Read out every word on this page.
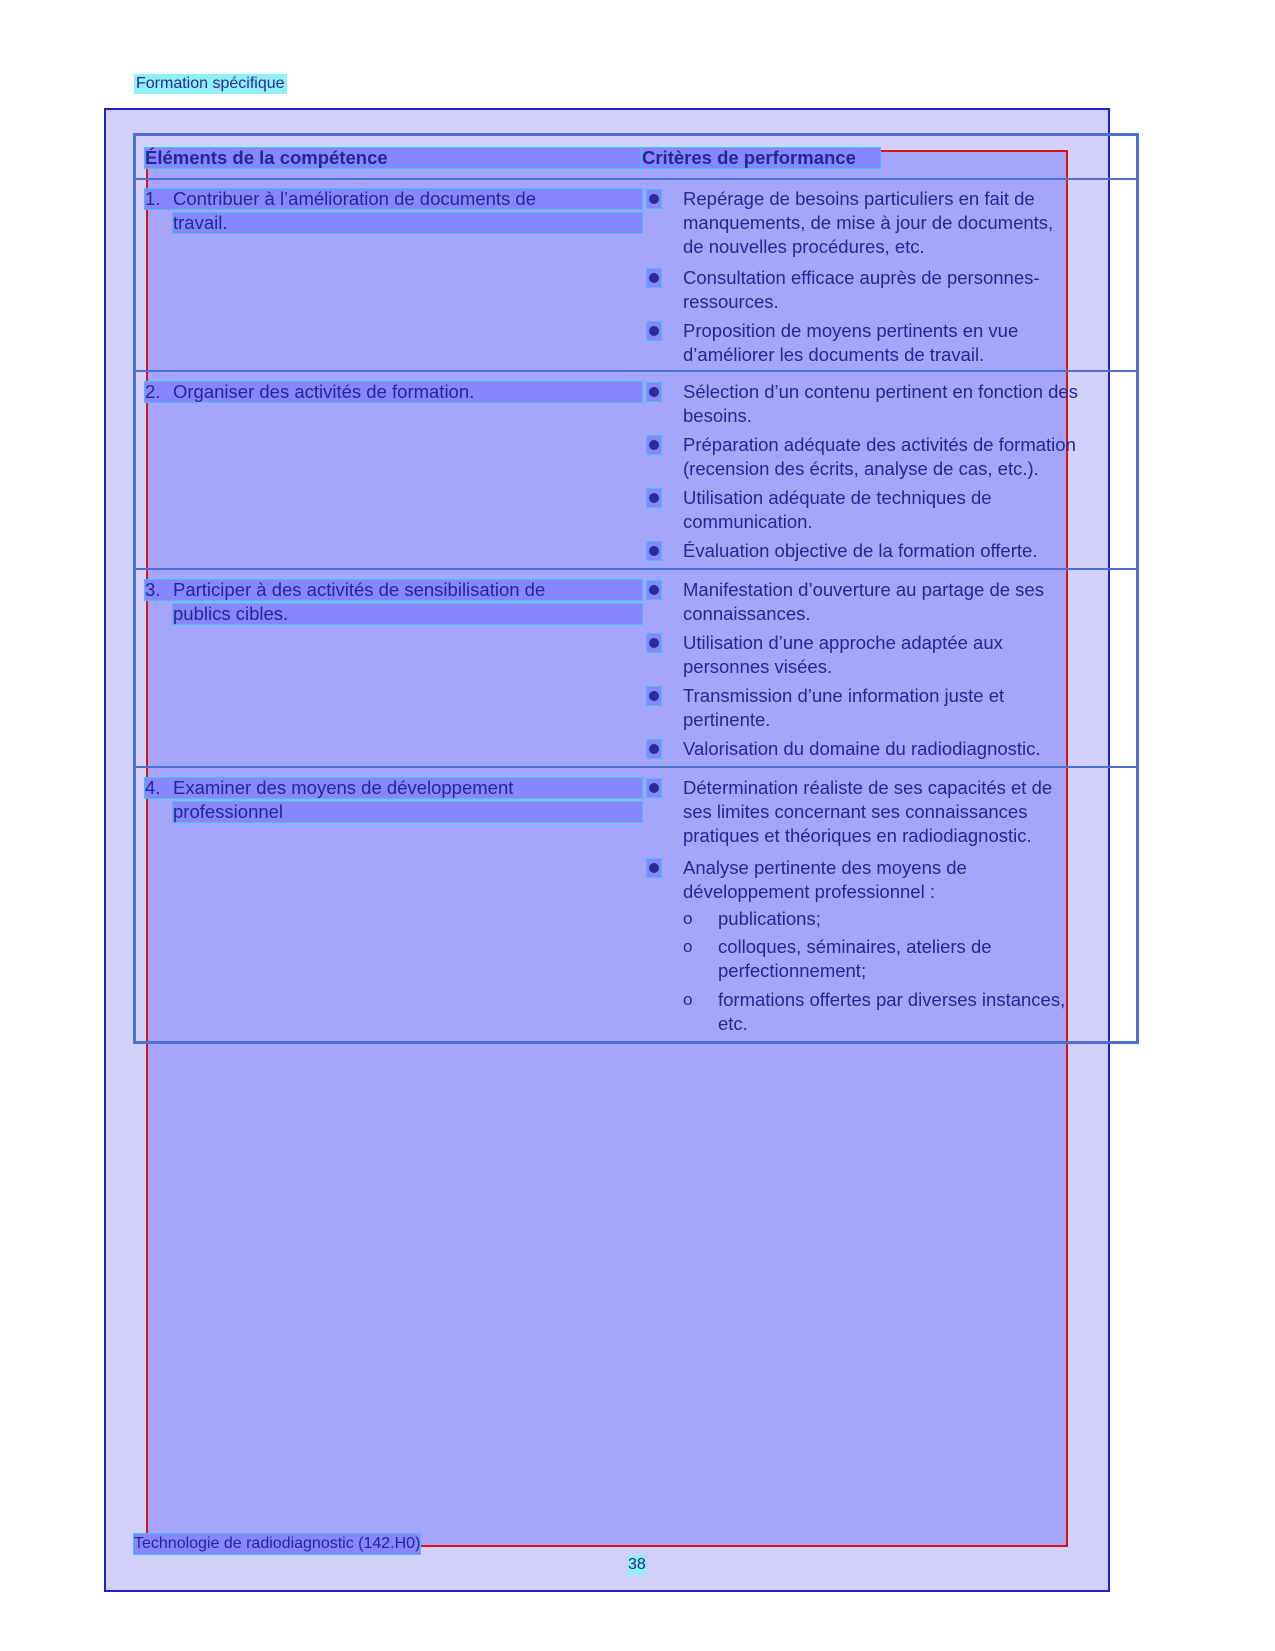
Formation spécifique
Éléments de la compétence	Critères de performance
1. Contribuer à l’amélioration de documents de
travail.
Repérage de besoins particuliers en fait de
manquements, de mise à jour de documents,
de nouvelles procédures, etc.
Consultation efficace auprès de personnes-
ressources.
Proposition de moyens pertinents en vue
d’améliorer les documents de travail.
2. Organiser des activités de formation.	Sélection d’un contenu pertinent en fonction des
besoins.
Préparation adéquate des activités de formation
(recension des écrits, analyse de cas, etc.).
Utilisation adéquate de techniques de
communication.
Évaluation objective de la formation offerte.
3. Participer à des activités de sensibilisation de
publics cibles.
Manifestation d’ouverture au partage de ses
connaissances.
Utilisation d’une approche adaptée aux
personnes visées.
Transmission d’une information juste et
pertinente.
Valorisation du domaine du radiodiagnostic.
4. Examiner des moyens de développement
professionnel
Détermination réaliste de ses capacités et de
ses limites concernant ses connaissances
pratiques et théoriques en radiodiagnostic.
Analyse pertinente des moyens de
développement professionnel :
o publications;
o colloques, séminaires, ateliers de
perfectionnement;
o formations offertes par diverses instances,
etc.
Technologie de radiodiagnostic (142.H0)
38
